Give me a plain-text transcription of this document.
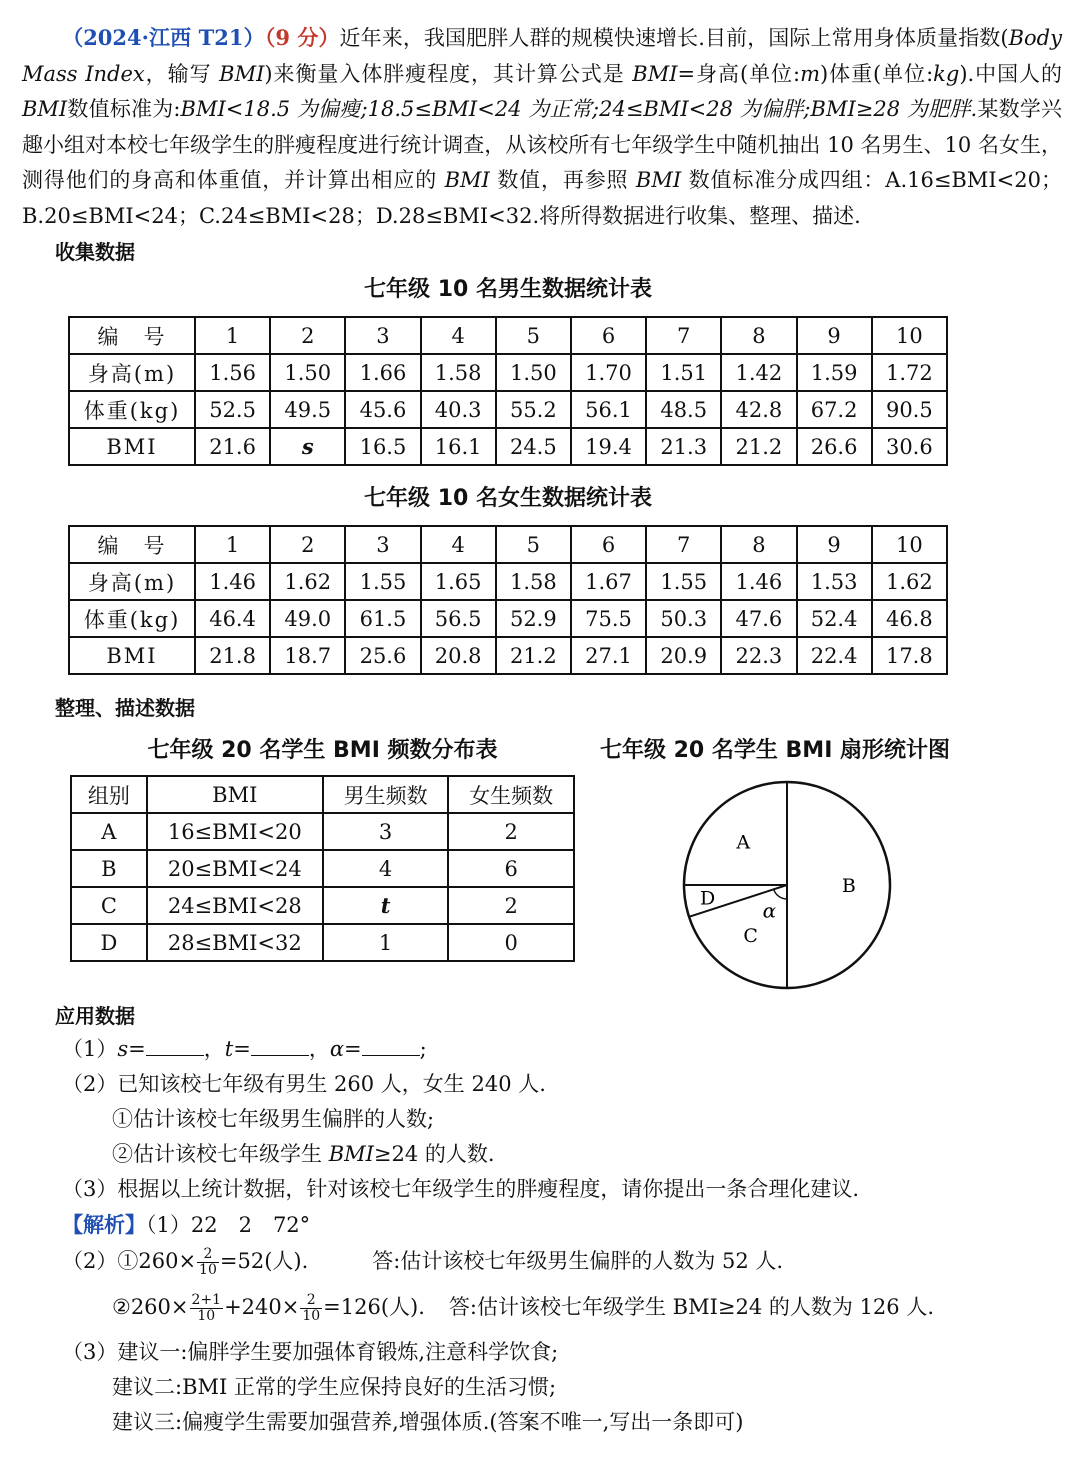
（2024·江西 T21）（9 分）近年来，我国肥胖人群的规模快速增长.目前，国际上常用身体质量指数(Body Mass Index，输写 BMI)来衡量入体胖瘦程度，其计算公式是 BMI=身高(单位:m)体重(单位:kg).中国人的 BMI数值标准为:BMI<18.5 为偏瘦;18.5≤BMI<24 为正常;24≤BMI<28 为偏胖;BMI≥28 为肥胖.某数学兴趣小组对本校七年级学生的胖瘦程度进行统计调查，从该校所有七年级学生中随机抽出 10 名男生、10 名女生，测得他们的身高和体重值，并计算出相应的 BMI 数值，再参照 BMI 数值标准分成四组：A.16≤BMI<20；B.20≤BMI<24；C.24≤BMI<28；D.28≤BMI<32.将所得数据进行收集、整理、描述.
收集数据
七年级 10 名男生数据统计表
编　号	1	2	3	4	5	6	7	8	9	10
身高(m)	1.56	1.50	1.66	1.58	1.50	1.70	1.51	1.42	1.59	1.72
体重(kg)	52.5	49.5	45.6	40.3	55.2	56.1	48.5	42.8	67.2	90.5
BMI	21.6	s	16.5	16.1	24.5	19.4	21.3	21.2	26.6	30.6
七年级 10 名女生数据统计表
编　号	1	2	3	4	5	6	7	8	9	10
身高(m)	1.46	1.62	1.55	1.65	1.58	1.67	1.55	1.46	1.53	1.62
体重(kg)	46.4	49.0	61.5	56.5	52.9	75.5	50.3	47.6	52.4	46.8
BMI	21.8	18.7	25.6	20.8	21.2	27.1	20.9	22.3	22.4	17.8
整理、描述数据
七年级 20 名学生 BMI 频数分布表
组别	BMI	男生频数	女生频数
A	16≤BMI<20	3	2
B	20≤BMI<24	4	6
C	24≤BMI<28	t	2
D	28≤BMI<32	1	0
七年级 20 名学生 BMI 扇形统计图
B
C
D
A
α
应用数据
（1）s=	，t=	，α=	;
（2）已知该校七年级有男生 260 人，女生 240 人.
①估计该校七年级男生偏胖的人数;
②估计该校七年级学生 BMI≥24 的人数.
（3）根据以上统计数据，针对该校七年级学生的胖瘦程度，请你提出一条合理化建议.
【解析】（1）22　2　72°
（2）①260× $\frac{2}{10} =52$(人).	答:估计该校七年级男生偏胖的人数为 52 人.
②260× $\frac{2+1}{10} +240\times \frac{2}{10} =126$(人). 答:估计该校七年级学生 BMI≥24 的人数为 126 人.
（3）建议一:偏胖学生要加强体育锻炼,注意科学饮食;
建议二:BMI 正常的学生应保持良好的生活习惯;
建议三:偏瘦学生需要加强营养,增强体质.(答案不唯一,写出一条即可)
